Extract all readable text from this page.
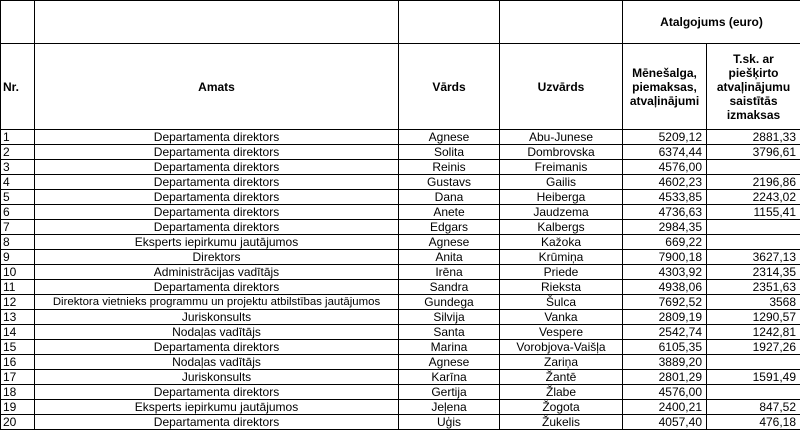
				Atalgojums (euro)	
Nr.	Amats	Vārds	Uzvārds	Mēnešalga, piemaksas, atvaļinājumi	T.sk. ar piešķirto atvaļinājumu saistītās izmaksas
1	Departamenta direktors	Agnese	Abu-Junese	5209,12	2881,33
2	Departamenta direktors	Solita	Dombrovska	6374,44	3796,61
3	Departamenta direktors	Reinis	Freimanis	4576,00	
4	Departamenta direktors	Gustavs	Gailis	4602,23	2196,86
5	Departamenta direktors	Dana	Heiberga	4533,85	2243,02
6	Departamenta direktors	Anete	Jaudzema	4736,63	1155,41
7	Departamenta direktors	Edgars	Kalbergs	2984,35	
8	Eksperts iepirkumu jautājumos	Agnese	Kažoka	669,22	
9	Direktors	Anita	Krūmiņa	7900,18	3627,13
10	Administrācijas vadītājs	Irēna	Priede	4303,92	2314,35
11	Departamenta direktors	Sandra	Rieksta	4938,06	2351,63
12	Direktora vietnieks programmu un projektu atbilstības jautājumos	Gundega	Šulca	7692,52	3568
13	Juriskonsults	Silvija	Vanka	2809,19	1290,57
14	Nodaļas vadītājs	Santa	Vespere	2542,74	1242,81
15	Departamenta direktors	Marina	Vorobjova-Vaišļa	6105,35	1927,26
16	Nodaļas vadītājs	Agnese	Zariņa	3889,20	
17	Juriskonsults	Karīna	Žantē	2801,29	1591,49
18	Departamenta direktors	Gertija	Žlabe	4576,00	
19	Eksperts iepirkumu jautājumos	Jeļena	Žogota	2400,21	847,52
20	Departamenta direktors	Uģis	Žukelis	4057,40	476,18
